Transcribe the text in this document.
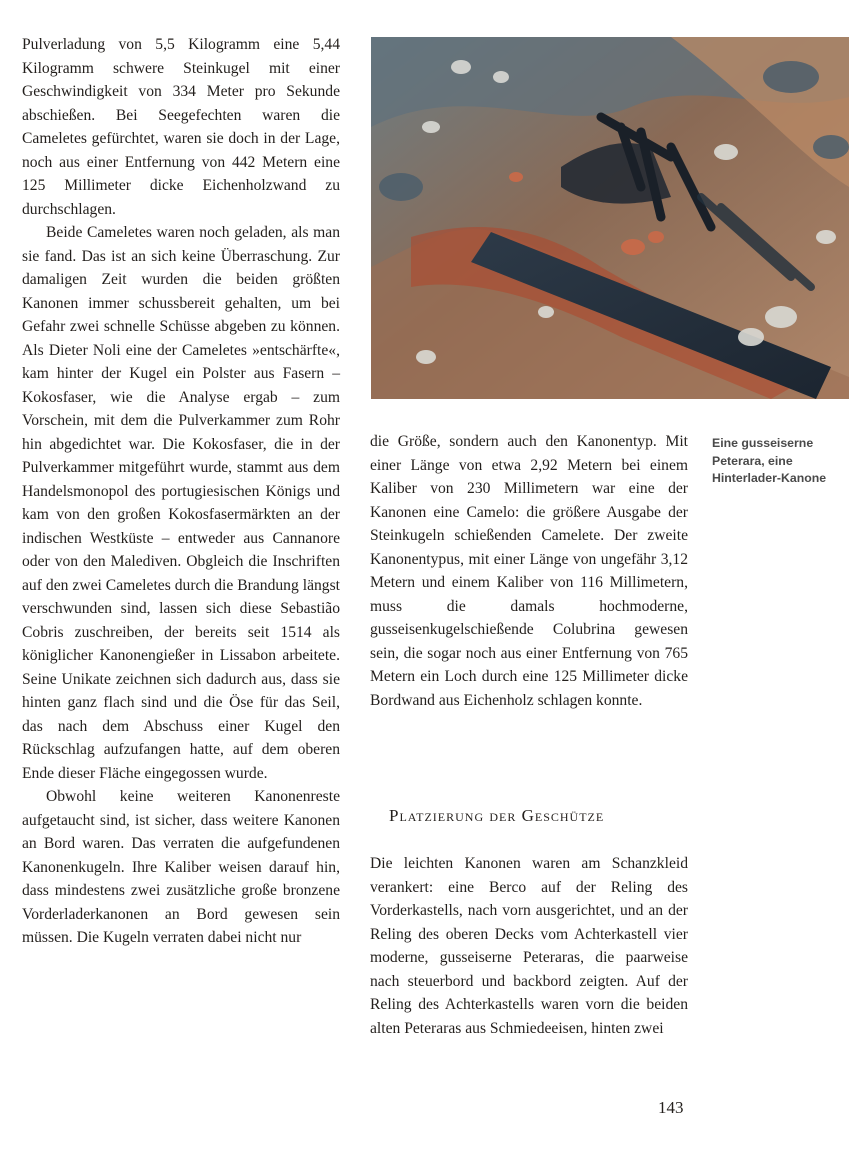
Pulverladung von 5,5 Kilogramm eine 5,44 Kilogramm schwere Steinkugel mit einer Geschwindigkeit von 334 Meter pro Sekunde abschießen. Bei Seegefechten waren die Cameletes gefürchtet, waren sie doch in der Lage, noch aus einer Entfernung von 442 Metern eine 125 Millimeter dicke Eichenholzwand zu durchschlagen.

Beide Cameletes waren noch geladen, als man sie fand. Das ist an sich keine Überraschung. Zur damaligen Zeit wurden die beiden größten Kanonen immer schussbereit gehalten, um bei Gefahr zwei schnelle Schüsse abgeben zu können. Als Dieter Noli eine der Cameletes »entschärfte«, kam hinter der Kugel ein Polster aus Fasern – Kokosfaser, wie die Analyse ergab – zum Vorschein, mit dem die Pulverkammer zum Rohr hin abgedichtet war. Die Kokosfaser, die in der Pulverkammer mitgeführt wurde, stammt aus dem Handelsmonopol des portugiesischen Königs und kam von den großen Kokosfasermärkten an der indischen Westküste – entweder aus Cannanore oder von den Malediven. Obgleich die Inschriften auf den zwei Cameletes durch die Brandung längst verschwunden sind, lassen sich diese Sebastião Cobris zuschreiben, der bereits seit 1514 als königlicher Kanonengießer in Lissabon arbeitete. Seine Unikate zeichnen sich dadurch aus, dass sie hinten ganz flach sind und die Öse für das Seil, das nach dem Abschuss einer Kugel den Rückschlag aufzufangen hatte, auf dem oberen Ende dieser Fläche eingegossen wurde.

Obwohl keine weiteren Kanonenreste aufgetaucht sind, ist sicher, dass weitere Kanonen an Bord waren. Das verraten die aufgefundenen Kanonenkugeln. Ihre Kaliber weisen darauf hin, dass mindestens zwei zusätzliche große bronzene Vorderladerkanonen an Bord gewesen sein müssen. Die Kugeln verraten dabei nicht nur

die Größe, sondern auch den Kanonentyp. Mit einer Länge von etwa 2,92 Metern bei einem Kaliber von 230 Millimetern war eine der Kanonen eine Camelo: die größere Ausgabe der Steinkugeln schießenden Camelete. Der zweite Kanonentypus, mit einer Länge von ungefähr 3,12 Metern und einem Kaliber von 116 Millimetern, muss die damals hochmoderne, gusseisenkugelschießende Colubrina gewesen sein, die sogar noch aus einer Entfernung von 765 Metern ein Loch durch eine 125 Millimeter dicke Bordwand aus Eichenholz schlagen konnte.

Platzierung der Geschütze

Die leichten Kanonen waren am Schanzkleid verankert: eine Berco auf der Reling des Vorderkastells, nach vorn ausgerichtet, und an der Reling des oberen Decks vom Achterkastell vier moderne, gusseiserne Peteraras, die paarweise nach steuerbord und backbord zeigten. Auf der Reling des Achterkastells waren vorn die beiden alten Peteraras aus Schmiedeeisen, hinten zwei

Eine gusseiserne Peterara, eine Hinterlader-Kanone
143
